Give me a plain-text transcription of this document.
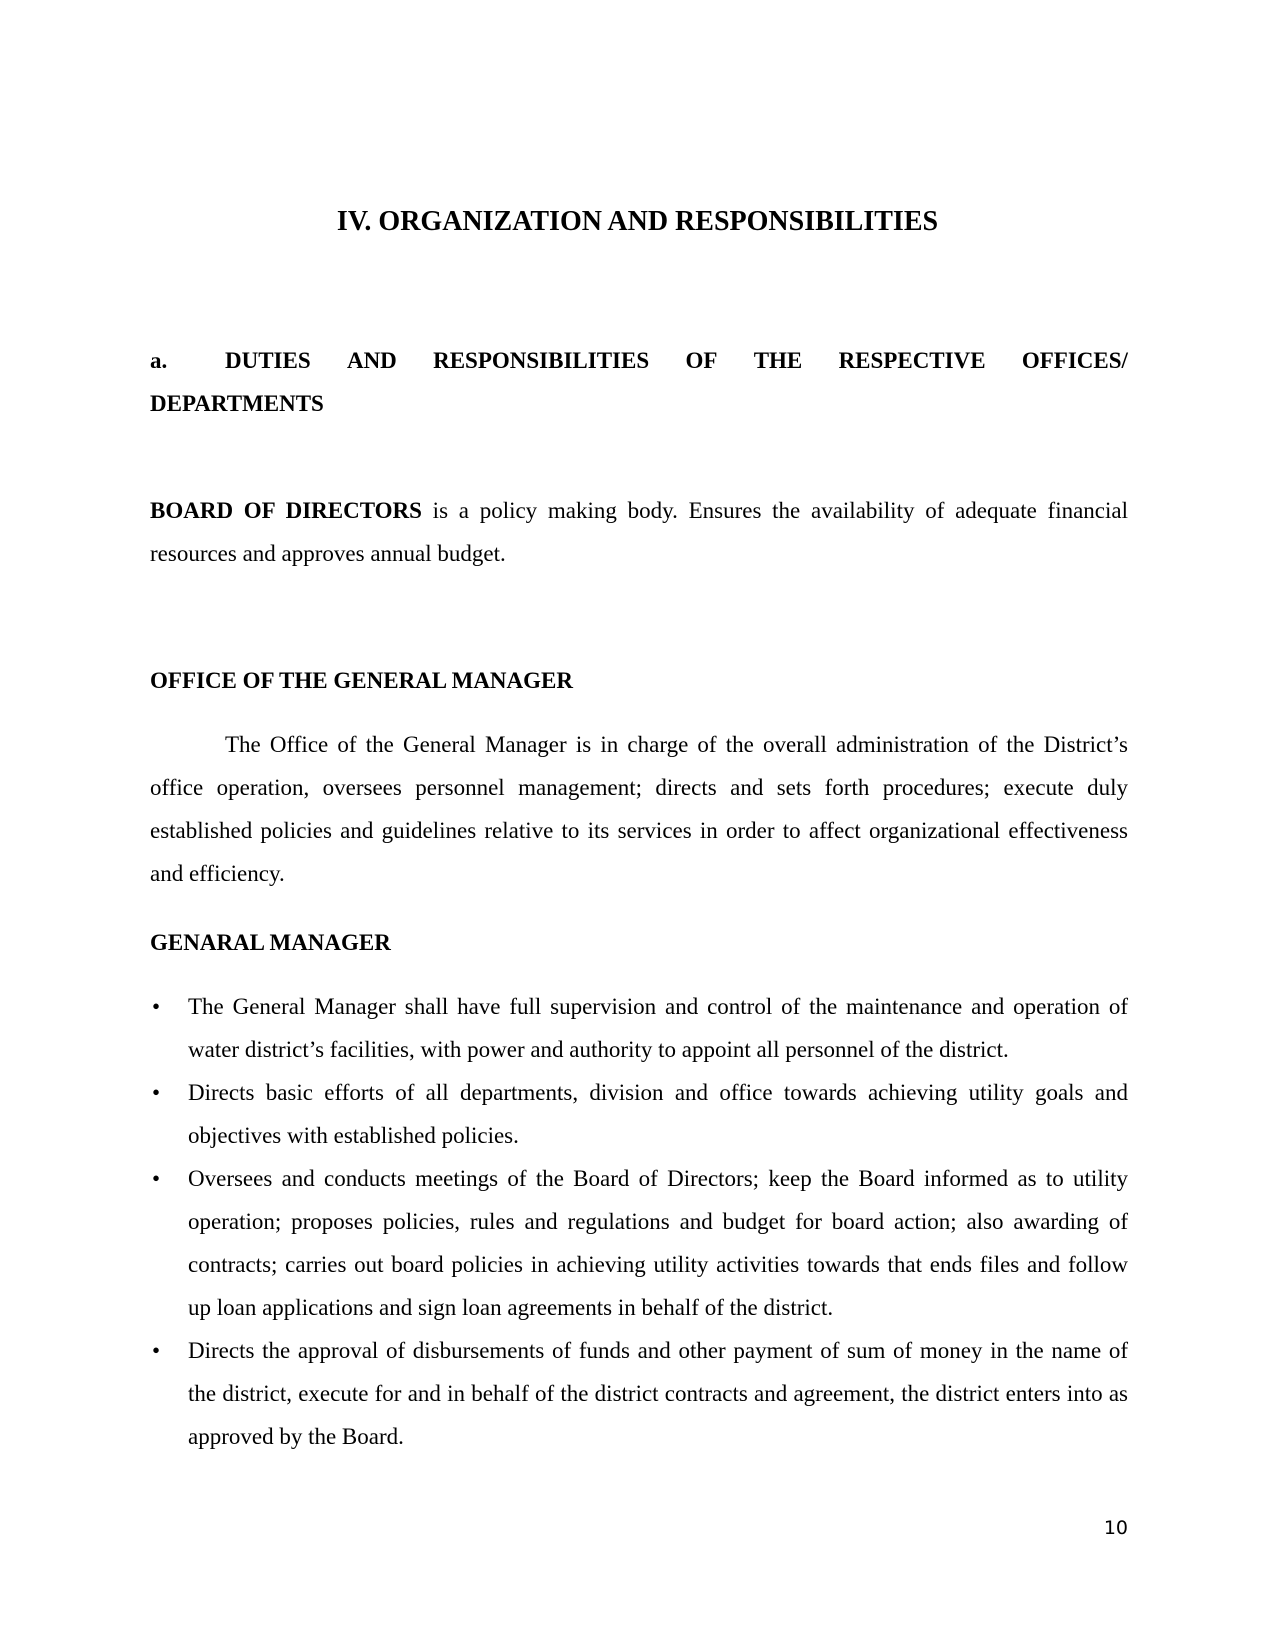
IV. ORGANIZATION AND RESPONSIBILITIES
a.	DUTIES AND RESPONSIBILITIES OF THE RESPECTIVE OFFICES/
DEPARTMENTS

BOARD OF DIRECTORS is a policy making body. Ensures the availability of adequate financial resources and approves annual budget.

OFFICE OF THE GENERAL MANAGER

The Office of the General Manager is in charge of the overall administration of the District’s office operation, oversees personnel management; directs and sets forth procedures; execute duly established policies and guidelines relative to its services in order to affect organizational effectiveness and efficiency.

GENARAL MANAGER
•	The General Manager shall have full supervision and control of the maintenance and operation of water district’s facilities, with power and authority to appoint all personnel of the district.
•	Directs basic efforts of all departments, division and office towards achieving utility goals and objectives with established policies.
•	Oversees and conducts meetings of the Board of Directors; keep the Board informed as to utility operation; proposes policies, rules and regulations and budget for board action; also awarding of contracts; carries out board policies in achieving utility activities towards that ends files and follow up loan applications and sign loan agreements in behalf of the district.
•	Directs the approval of disbursements of funds and other payment of sum of money in the name of the district, execute for and in behalf of the district contracts and agreement, the district enters into as approved by the Board.
10
